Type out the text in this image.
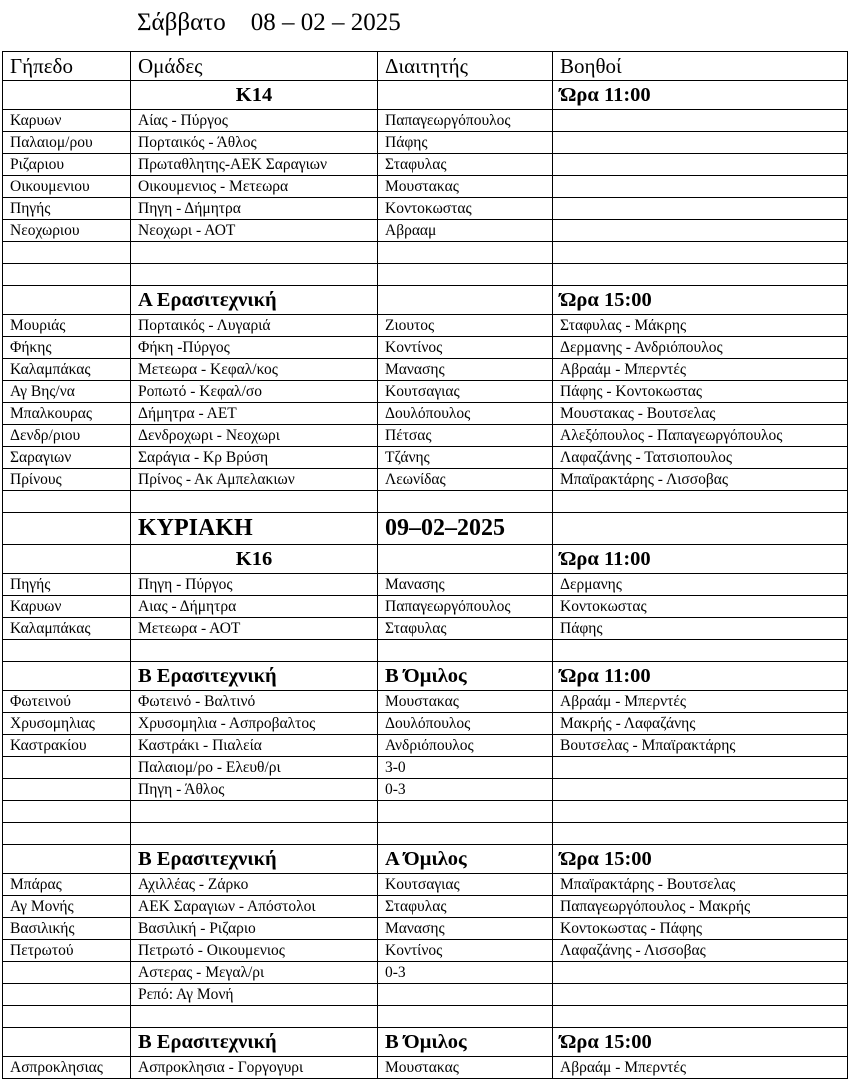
Σάββατο    08 – 02 – 2025
Γήπεδο	Ομάδες	Διαιτητής	Βοηθοί
	Κ14		Ώρα 11:00
Καρυων	Αίας - Πύργος	Παπαγεωργόπουλος	
Παλαιομ/ρου	Πορταικός - Άθλος	Πάφης	
Ριζαριου	Πρωταθλητης-ΑΕΚ Σαραγιων	Σταφυλας	
Οικουμενιου	Οικουμενιος - Μετεωρα	Μουστακας	
Πηγής	Πηγη - Δήμητρα	Κοντοκωστας	
Νεοχωριου	Νεοχωρι - ΑΟΤ	Αβρααμ	

	Α Ερασιτεχνική		Ώρα 15:00
Μουριάς	Πορταικός - Λυγαριά	Ζιουτος	Σταφυλας - Μάκρης
Φήκης	Φήκη -Πύργος	Κοντίνος	Δερμανης - Ανδριόπουλος
Καλαμπάκας	Μετεωρα - Κεφαλ/κος	Μανασης	Αβραάμ - Μπερντές
Αγ Βης/να	Ροπωτό - Κεφαλ/σο	Κουτσαγιας	Πάφης - Κοντοκωστας
Μπαλκουρας	Δήμητρα - ΑΕΤ	Δουλόπουλος	Μουστακας - Βουτσελας
Δενδρ/ριου	Δενδροχωρι - Νεοχωρι	Πέτσας	Αλεξόπουλος - Παπαγεωργόπουλος
Σαραγιων	Σαράγια - Κρ Βρύση	Τζάνης	Λαφαζάνης - Τατσιοπουλος
Πρίνους	Πρίνος - Ακ Αμπελακιων	Λεωνίδας	Μπαϊρακτάρης - Λισσοβας

	ΚΥΡΙΑΚΗ	09–02–2025	
	Κ16		Ώρα 11:00
Πηγής	Πηγη - Πύργος	Μανασης	Δερμανης
Καρυων	Αιας - Δήμητρα	Παπαγεωργόπουλος	Κοντοκωστας
Καλαμπάκας	Μετεωρα - ΑΟΤ	Σταφυλας	Πάφης

	Β Ερασιτεχνική	Β Όμιλος	Ώρα 11:00
Φωτεινού	Φωτεινό - Βαλτινό	Μουστακας	Αβραάμ - Μπερντές
Χρυσομηλιας	Χρυσομηλια - Ασπροβαλτος	Δουλόπουλος	Μακρής - Λαφαζάνης
Καστρακίου	Καστράκι - Πιαλεία	Ανδριόπουλος	Βουτσελας - Μπαϊρακτάρης
	Παλαιομ/ρο - Ελευθ/ρι	3-0	
	Πηγη - Άθλος	0-3	

	Β Ερασιτεχνική	Α Όμιλος	Ώρα 15:00
Μπάρας	Αχιλλέας - Ζάρκο	Κουτσαγιας	Μπαϊρακτάρης - Βουτσελας
Αγ Μονής	ΑΕΚ Σαραγιων - Απόστολοι	Σταφυλας	Παπαγεωργόπουλος - Μακρής
Βασιλικής	Βασιλική - Ριζαριο	Μανασης	Κοντοκωστας - Πάφης
Πετρωτού	Πετρωτό - Οικουμενιος	Κοντίνος	Λαφαζάνης - Λισσοβας
	Αστερας - Μεγαλ/ρι	0-3	
	Ρεπό: Αγ Μονή		

	Β Ερασιτεχνική	Β Όμιλος	Ώρα 15:00
Ασπροκλησιας	Ασπροκλησια - Γοργογυρι	Μουστακας	Αβραάμ - Μπερντές
